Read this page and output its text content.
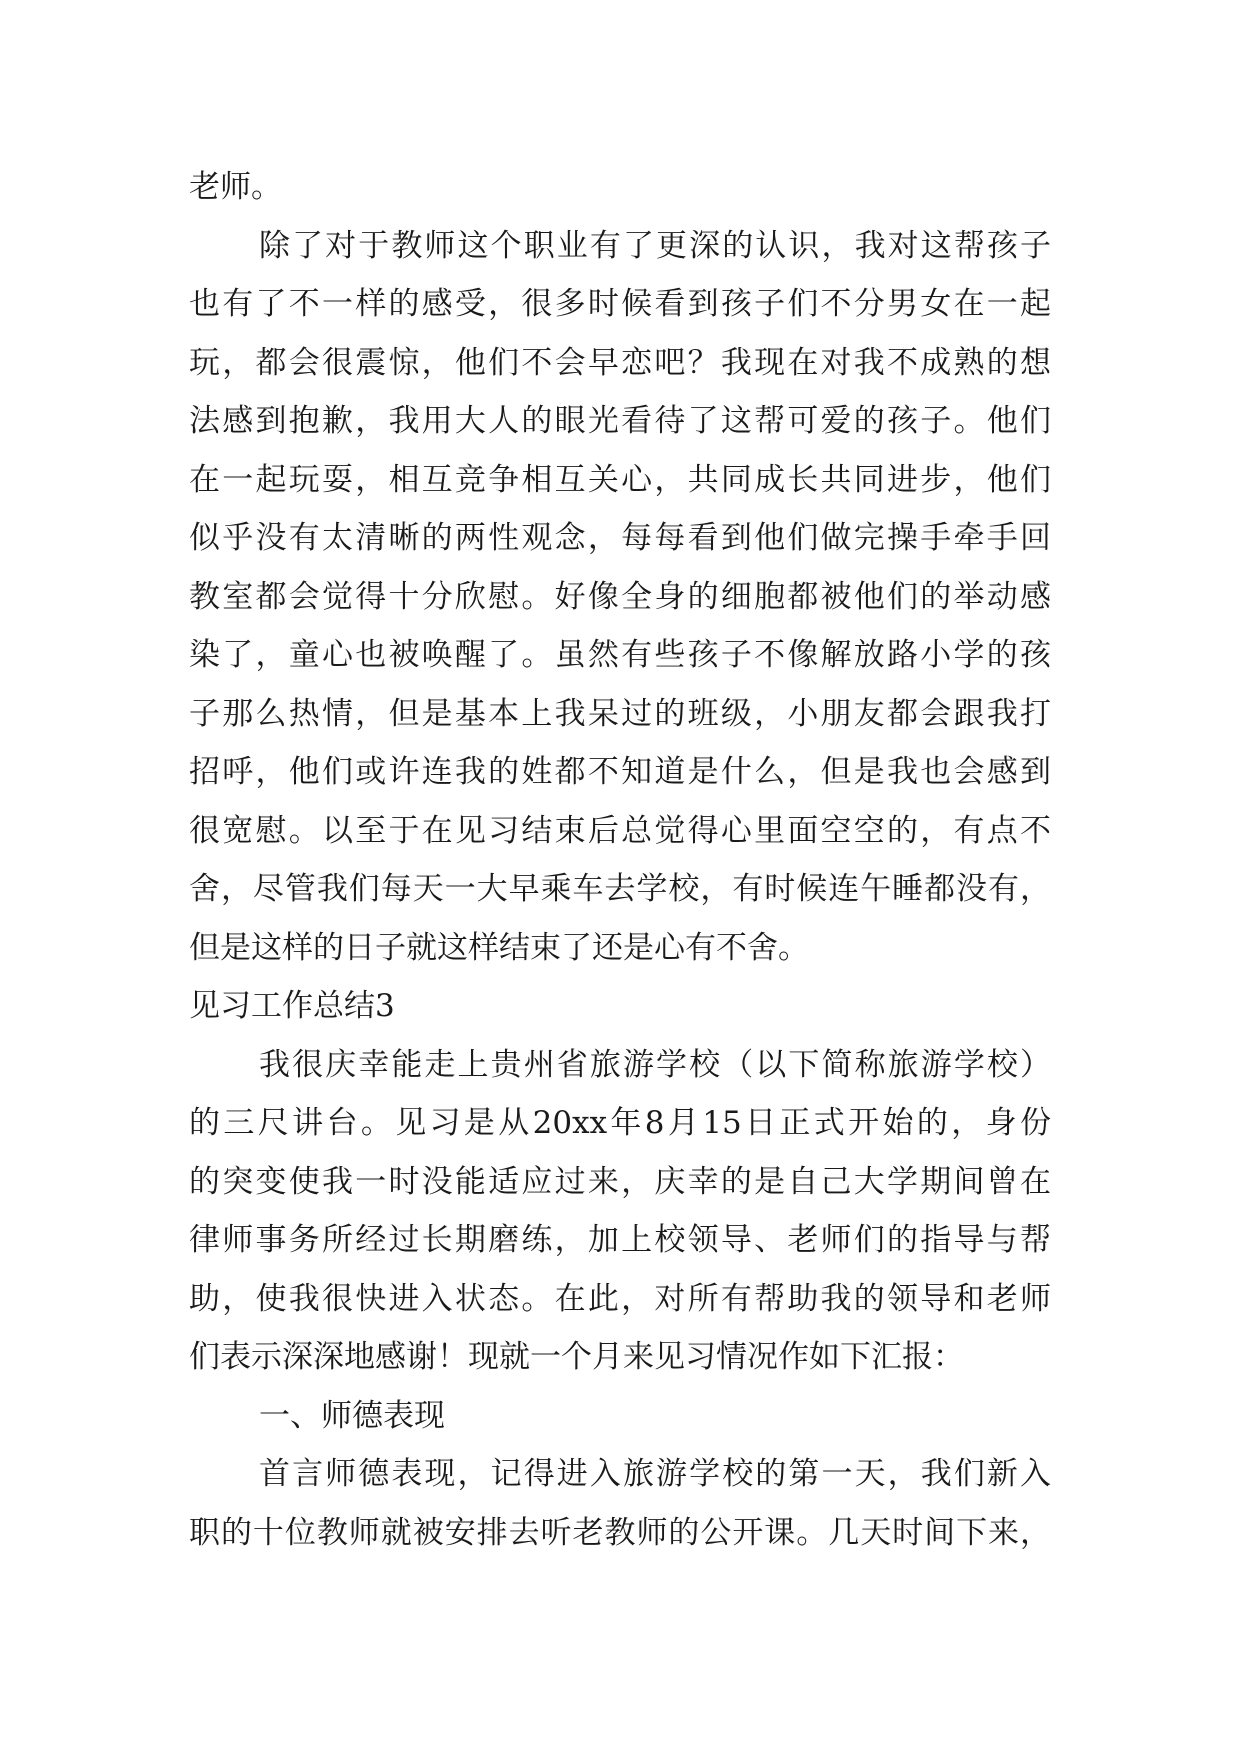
老师。
除了对于教师这个职业有了更深的认识，我对这帮孩子
也有了不一样的感受，很多时候看到孩子们不分男女在一起
玩，都会很震惊，他们不会早恋吧？我现在对我不成熟的想
法感到抱歉，我用大人的眼光看待了这帮可爱的孩子。他们
在一起玩耍，相互竞争相互关心，共同成长共同进步，他们
似乎没有太清晰的两性观念，每每看到他们做完操手牵手回
教室都会觉得十分欣慰。好像全身的细胞都被他们的举动感
染了，童心也被唤醒了。虽然有些孩子不像解放路小学的孩
子那么热情，但是基本上我呆过的班级，小朋友都会跟我打
招呼，他们或许连我的姓都不知道是什么，但是我也会感到
很宽慰。以至于在见习结束后总觉得心里面空空的，有点不
舍，尽管我们每天一大早乘车去学校，有时候连午睡都没有，
但是这样的日子就这样结束了还是心有不舍。
见习工作总结3
我很庆幸能走上贵州省旅游学校（以下简称旅游学校）
的三尺讲台。见习是从20xx年8月15日正式开始的，身份
的突变使我一时没能适应过来，庆幸的是自己大学期间曾在
律师事务所经过长期磨练，加上校领导、老师们的指导与帮
助，使我很快进入状态。在此，对所有帮助我的领导和老师
们表示深深地感谢！现就一个月来见习情况作如下汇报：
一、师德表现
首言师德表现，记得进入旅游学校的第一天，我们新入
职的十位教师就被安排去听老教师的公开课。几天时间下来，
